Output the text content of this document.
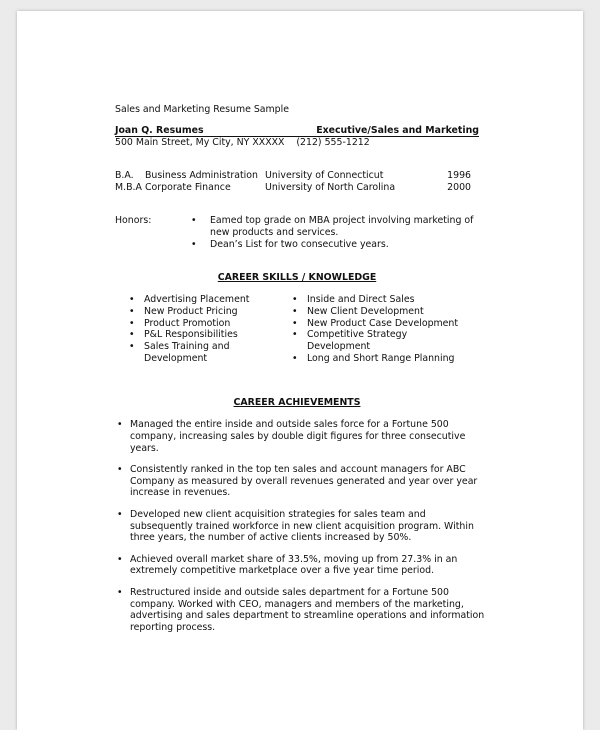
Sales and Marketing Resume Sample
Joan Q. Resumes	Executive/Sales and Marketing
500 Main Street, My City, NY XXXXX    (212) 555-1212
B.A. Business Administration University of Connecticut	1996
M.B.A Corporate Finance	University of North Carolina	2000
Honors:
•	Eamed top grade on MBA project involving marketing of new products and services.
• Dean’s List for two consecutive years.
CAREER SKILLS / KNOWLEDGE
• Advertising Placement
• New Product Pricing
• Product Promotion
• P&L Responsibilities
• Sales Training and Development
• Inside and Direct Sales
• New Client Development
• New Product Case Development
• Competitive Strategy Development
• Long and Short Range Planning
CAREER ACHIEVEMENTS
• Managed the entire inside and outside sales force for a Fortune 500 company, increasing sales by double digit figures for three consecutive years.
• Consistently ranked in the top ten sales and account managers for ABC Company as measured by overall revenues generated and year over year increase in revenues.
• Developed new client acquisition strategies for sales team and subsequently trained workforce in new client acquisition program. Within three years, the number of active clients increased by 50%.
• Achieved overall market share of 33.5%, moving up from 27.3% in an extremely competitive marketplace over a five year time period.
• Restructured inside and outside sales department for a Fortune 500 company. Worked with CEO, managers and members of the marketing, advertising and sales department to streamline operations and information reporting process.
